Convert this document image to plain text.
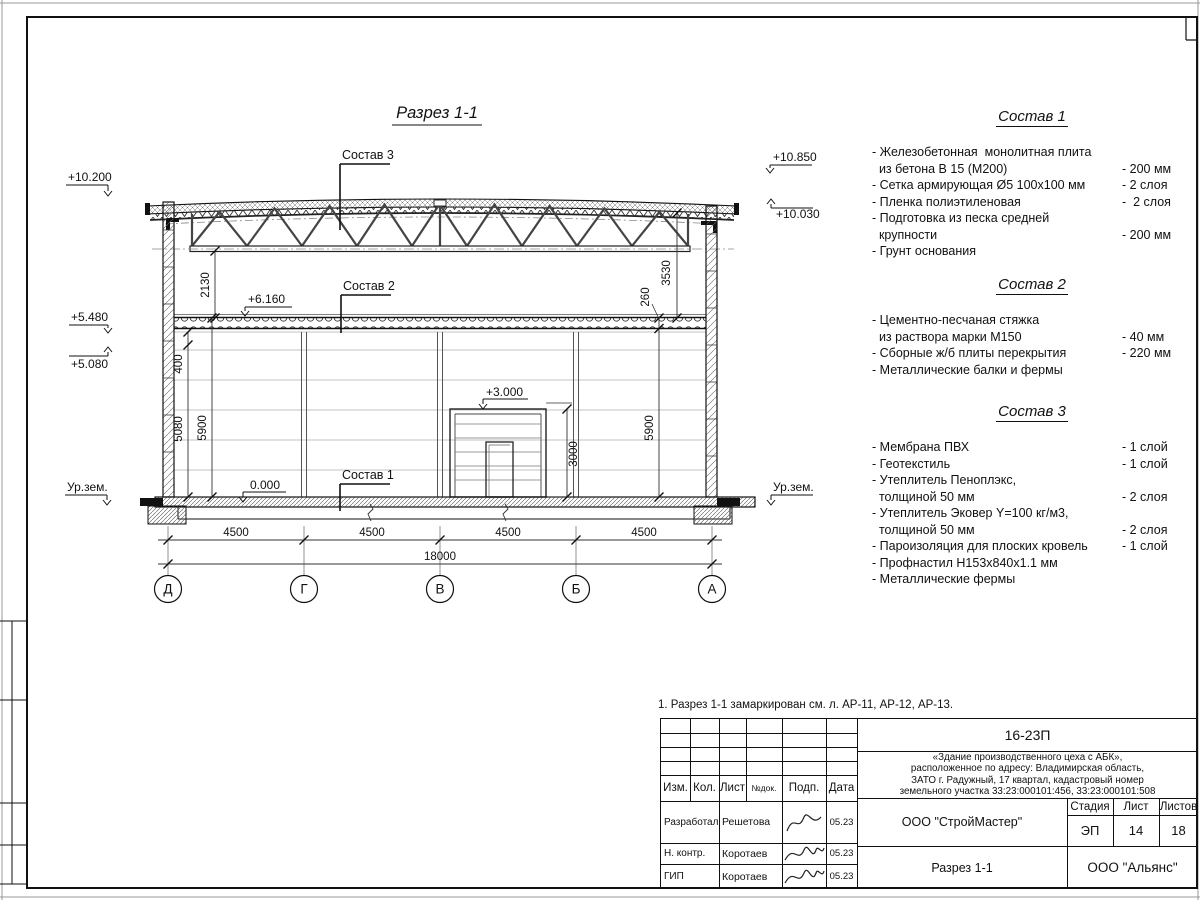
Разрез 1-1
Состав 3
Состав 2
Состав 1
+10.200
+5.480
+5.080
Ур.зем.	0.000
+6.160
+3.000
+10.850
+10.030
Ур.зем.
2130
400
5080 5900	5900
260
3530
3000
4500	4500	4500	4500
18000
Д	Г	В	Б	А
Состав 1
- Железобетонная  монолитная плита
из бетона В 15 (М200)	- 200 мм
- Сетка армирующая Ø5 100х100 мм	- 2 слоя
- Пленка полиэтиленовая	-  2 слоя
- Подготовка из песка средней
крупности	- 200 мм
- Грунт основания
Состав 2
- Цементно-песчаная стяжка
из раствора марки М150	- 40 мм
- Сборные ж/б плиты перекрытия	- 220 мм
- Металлические балки и фермы
Состав 3
- Мембрана ПВХ	- 1 слой
- Геотекстиль	- 1 слой
- Утеплитель Пеноплэкс,
толщиной 50 мм	- 2 слоя
- Утеплитель Эковер Y=100 кг/м3,
толщиной 50 мм	- 2 слоя
- Пароизоляция для плоских кровель	- 1 слой
- Профнастил Н153х840х1.1 мм
- Металлические фермы
1. Разрез 1-1 замаркирован см. л. АР-11, АР-12, АР-13.
Изм. Кол. Лист №док.	Подп. Дата
Разработал Решетова	05.23
Н. контр.	Коротаев	05.23
ГИП	Коротаев	05.23
16-23П
«Здание производственного цеха с АБК»,
расположенное по адресу: Владимирская область,
ЗАТО г. Радужный, 17 квартал, кадастровый номер
земельного участка 33:23:000101:456, 33:23:000101:508
ООО "СтройМастер"
Стадия	Лист Листов
ЭП	14	18
Разрез 1-1	ООО "Альянс"
